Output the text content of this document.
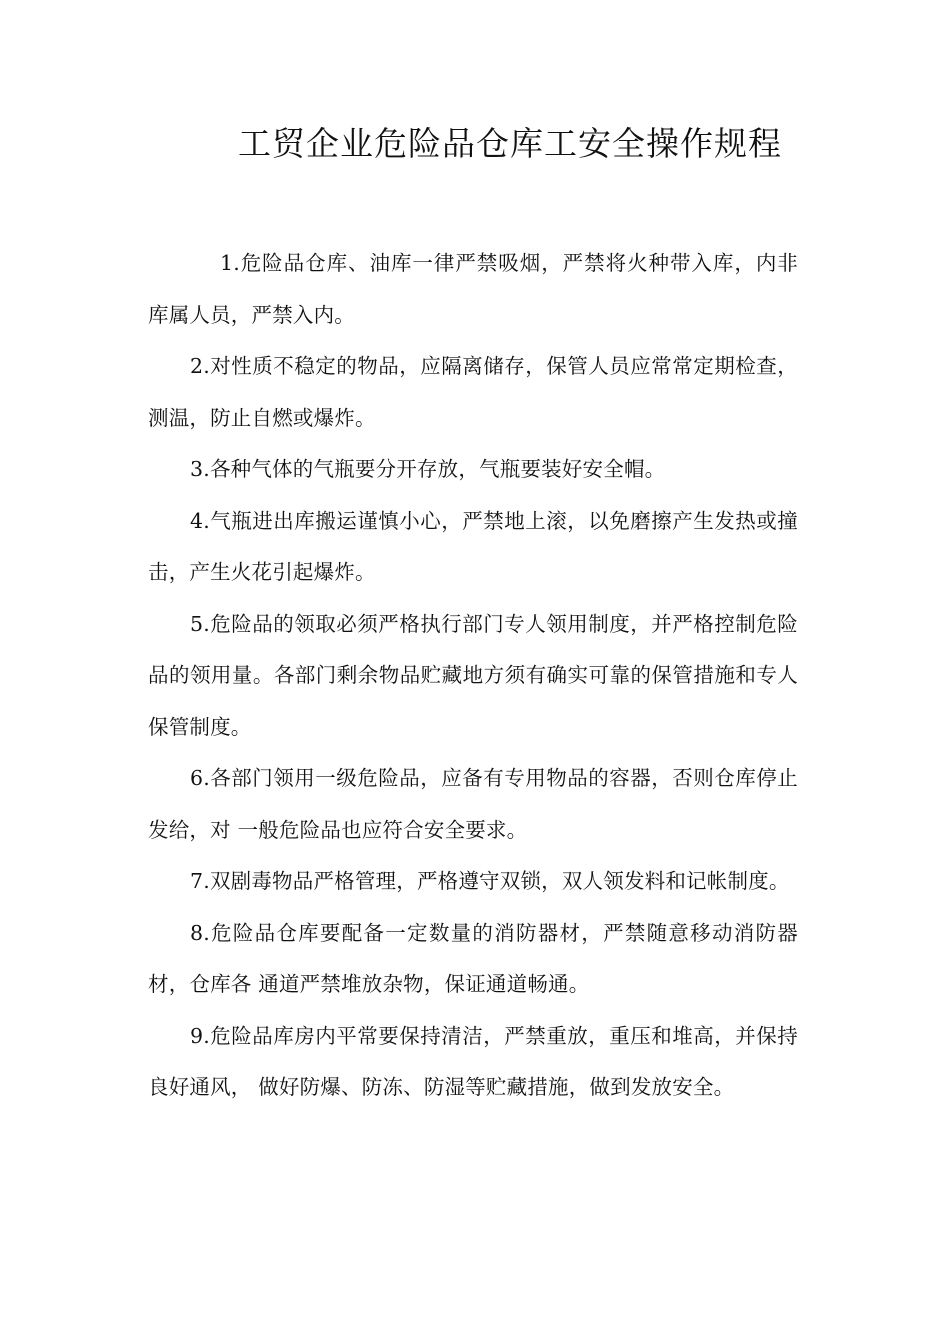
工贸企业危险品仓库工安全操作规程

1.危险品仓库、油库一律严禁吸烟，严禁将火种带入库，内非库属人员，严禁入内。

2.对性质不稳定的物品，应隔离储存，保管人员应常常定期检查，测温，防止自燃或爆炸。

3.各种气体的气瓶要分开存放，气瓶要装好安全帽。

4.气瓶进出库搬运谨慎小心，严禁地上滚，以免磨擦产生发热或撞击，产生火花引起爆炸。

5.危险品的领取必须严格执行部门专人领用制度，并严格控制危险品的领用量。各部门剩余物品贮藏地方须有确实可靠的保管措施和专人保管制度。

6.各部门领用一级危险品，应备有专用物品的容器，否则仓库停止发给，对 一般危险品也应符合安全要求。

7.双剧毒物品严格管理，严格遵守双锁，双人领发料和记帐制度。

8.危险品仓库要配备一定数量的消防器材，严禁随意移动消防器材，仓库各 通道严禁堆放杂物，保证通道畅通。

9.危险品库房内平常要保持清洁，严禁重放，重压和堆高，并保持良好通风， 做好防爆、防冻、防湿等贮藏措施，做到发放安全。
